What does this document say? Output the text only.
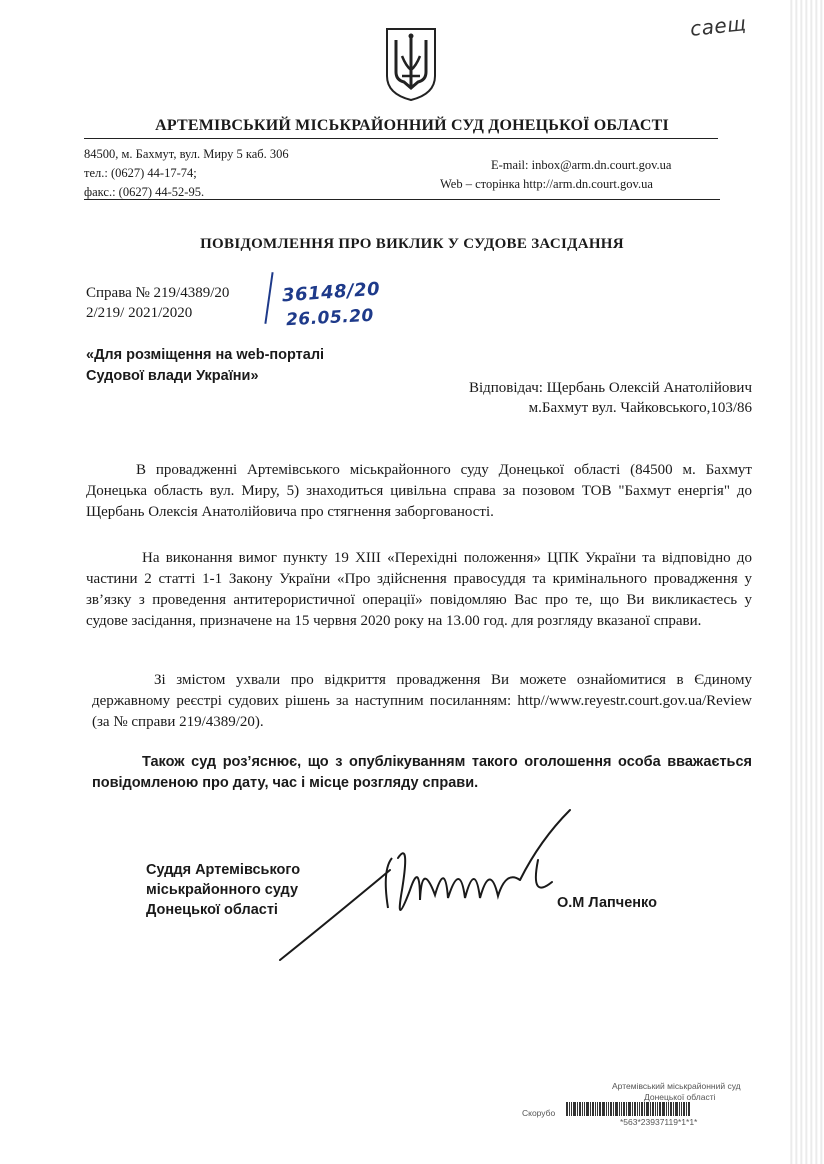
саещ
АРТЕМІВСЬКИЙ МІСЬКРАЙОННИЙ СУД ДОНЕЦЬКОЇ ОБЛАСТІ
84500, м. Бахмут, вул. Миру 5 каб. 306
тел.: (0627) 44-17-74;
факс.: (0627) 44-52-95.
E-mail: inbox@arm.dn.court.gov.ua
Web – сторінка http://arm.dn.court.gov.ua
ПОВІДОМЛЕННЯ ПРО ВИКЛИК У СУДОВЕ ЗАСІДАННЯ
Справа № 219/4389/20
2/219/ 2021/2020
36148/20
26.05.20
«Для розміщення на web-порталі
Судової влади України»
Відповідач: Щербань Олексій Анатолійович
м.Бахмут вул. Чайковського,103/86
В провадженні Артемівського міськрайонного суду Донецької області (84500 м. Бахмут Донецька область вул. Миру, 5) знаходиться цивільна справа за позовом ТОВ "Бахмут енергія" до Щербань Олексія Анатолійовича про стягнення заборгованості.
На виконання вимог пункту 19 XIII «Перехідні положення» ЦПК України та відповідно до частини 2 статті 1-1 Закону України «Про здійснення правосуддя та кримінального провадження у зв’язку з проведення антитерористичної операції» повідомляю Вас про те, що Ви викликаєтесь у судове засідання, призначене на 15 червня 2020 року на 13.00 год. для розгляду вказаної справи.
Зі змістом ухвали про відкриття провадження Ви можете ознайомитися в Єдиному державному реєстрі судових рішень за наступним посиланням: http//www.reyestr.court.gov.ua/Review (за № справи 219/4389/20).
Також суд роз’яснює, що з опублікуванням такого оголошення особа вважається повідомленою про дату, час і місце розгляду справи.
Суддя Артемівського
міськрайонного суду
Донецької області	О.М Лапченко
Артемівський міськрайонний суд
Донецької області
Скорубо
*563*23937119*1*1*
